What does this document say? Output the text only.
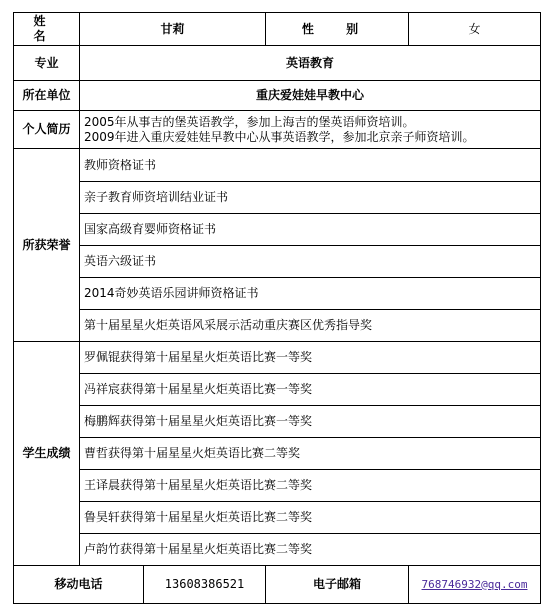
姓 名	甘莉		性 别	女
专业	英语教育			
所在单位	重庆爱娃娃早教中心			
个人简历	2005年从事吉的堡英语教学，参加上海吉的堡英语师资培训。
2009年进入重庆爱娃娃早教中心从事英语教学，参加北京亲子师资培训。			

所获荣誉	教师资格证书			
	亲子教育师资培训结业证书			
	国家高级育婴师资格证书			
	英语六级证书			
	2014奇妙英语乐园讲师资格证书			
	第十届星星火炬英语风采展示活动重庆赛区优秀指导奖			
学生成绩	罗佩锟获得第十届星星火炬英语比赛一等奖			
	冯祥宸获得第十届星星火炬英语比赛一等奖			
	梅鹏辉获得第十届星星火炬英语比赛一等奖			
	曹哲获得第十届星星火炬英语比赛二等奖			
	王译晨获得第十届星星火炬英语比赛二等奖			
	鲁昊轩获得第十届星星火炬英语比赛二等奖			
	卢韵竹获得第十届星星火炬英语比赛二等奖			
移动电话		13608386521	电子邮箱	768746932@qq.com
